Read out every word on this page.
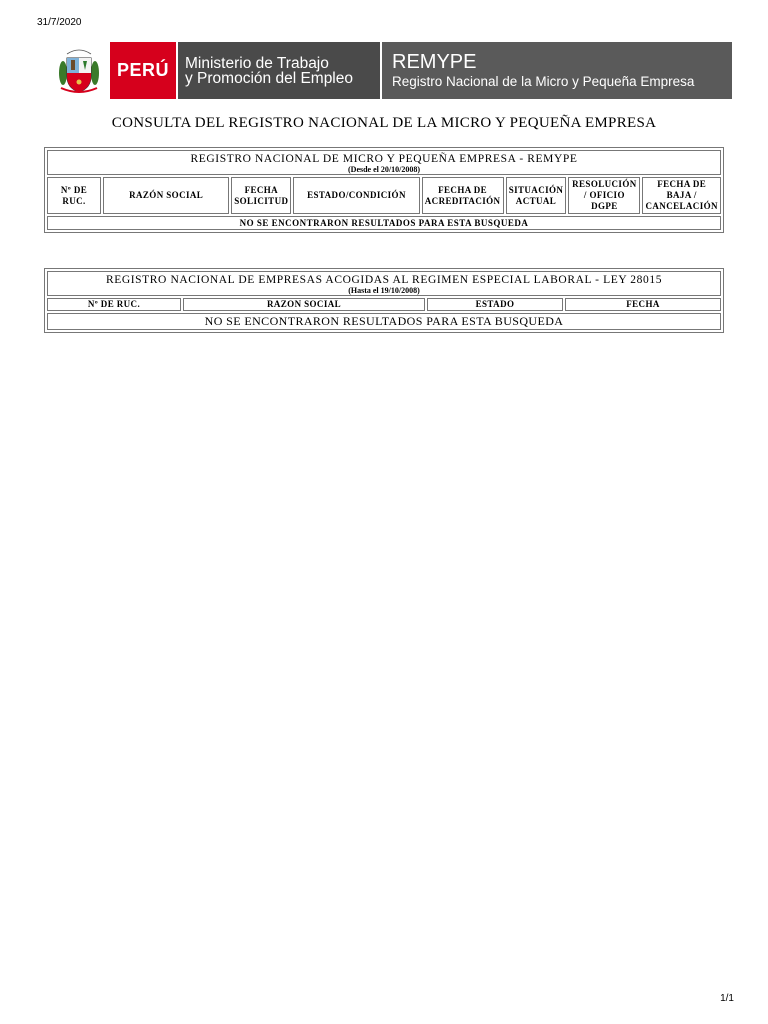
31/7/2020
PERÚ	Ministerio de Trabajo
y Promoción del Empleo
REMYPE
Registro Nacional de la Micro y Pequeña Empresa
CONSULTA DEL REGISTRO NACIONAL DE LA MICRO Y PEQUEÑA EMPRESA
REGISTRO NACIONAL DE MICRO Y PEQUEÑA EMPRESA - REMYPE
(Desde el 20/10/2008)

Nº DE RUC.	RAZÓN SOCIAL	FECHA SOLICITUD	ESTADO/CONDICIÓN	FECHA DE ACREDITACIÓN	SITUACIÓN ACTUAL	RESOLUCIÓN / OFICIO DGPE	FECHA DE BAJA / CANCELACIÓN
NO SE ENCONTRARON RESULTADOS PARA ESTA BUSQUEDA
REGISTRO NACIONAL DE EMPRESAS ACOGIDAS AL REGIMEN ESPECIAL LABORAL - LEY 28015
(Hasta el 19/10/2008)

Nº DE RUC.	RAZON SOCIAL	ESTADO	FECHA
NO SE ENCONTRARON RESULTADOS PARA ESTA BUSQUEDA
1/1
